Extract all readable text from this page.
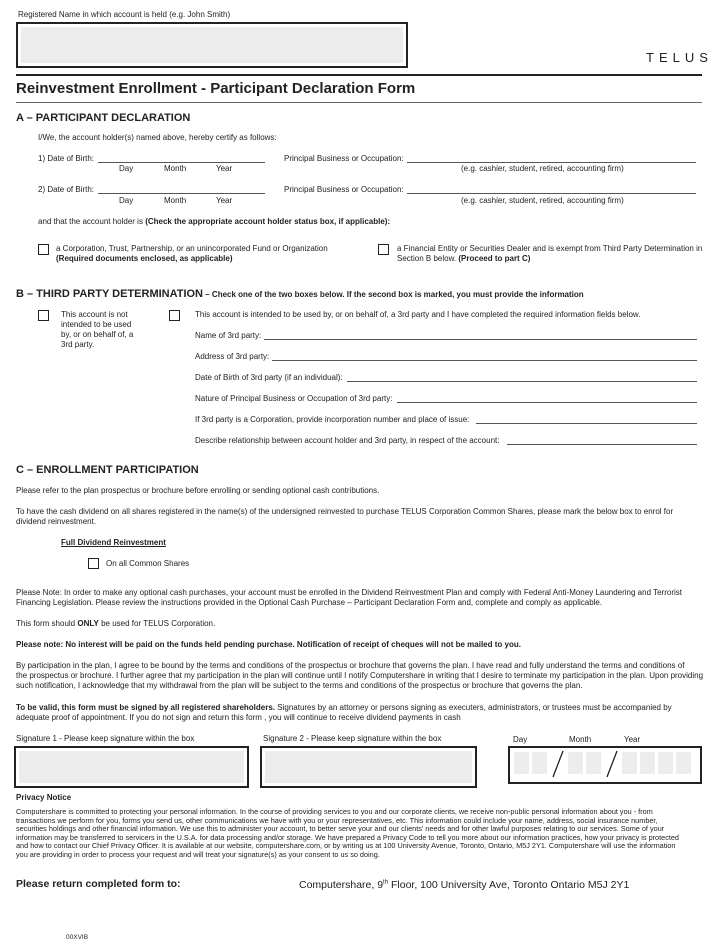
Registered Name in which account is held (e.g. John Smith)
TELUS
Reinvestment Enrollment - Participant Declaration Form
A – PARTICIPANT DECLARATION
I/We, the account holder(s) named above, hereby certify as follows:
1) Date of Birth:
Day	Month	Year
Principal Business or Occupation:
(e.g. cashier, student, retired, accounting firm)
2) Date of Birth:
Day	Month	Year
Principal Business or Occupation:
(e.g. cashier, student, retired, accounting firm)
and that the account holder is (Check the appropriate account holder status box, if applicable):
a Corporation, Trust, Partnership, or an unincorporated Fund or Organization
(Required documents enclosed, as applicable)
a Financial Entity or Securities Dealer and is exempt from Third Party Determination in
Section B below. (Proceed to part C)
B – THIRD PARTY DETERMINATION – Check one of the two boxes below. If the second box is marked, you must provide the information
This account is not
intended to be used
by, or on behalf of, a
3rd party.
This account is intended to be used by, or on behalf of, a 3rd party and I have completed the required information fields below.
Name of 3rd party:
Address of 3rd party:
Date of Birth of 3rd party (if an individual):
Nature of Principal Business or Occupation of 3rd party:
If 3rd party is a Corporation, provide incorporation number and place of issue:
Describe relationship between account holder and 3rd party, in respect of the account:
C – ENROLLMENT PARTICIPATION
Please refer to the plan prospectus or brochure before enrolling or sending optional cash contributions.
To have the cash dividend on all shares registered in the name(s) of the undersigned reinvested to purchase TELUS Corporation Common Shares, please mark the below box to enrol for
dividend reinvestment.
Full Dividend Reinvestment
On all Common Shares
Please Note: In order to make any optional cash purchases, your account must be enrolled in the Dividend Reinvestment Plan and comply with Federal Anti-Money Laundering and Terrorist
Financing Legislation. Please review the instructions provided in the Optional Cash Purchase – Participant Declaration Form and, complete and comply as applicable.
This form should ONLY be used for TELUS Corporation.
Please note: No interest will be paid on the funds held pending purchase. Notification of receipt of cheques will not be mailed to you.
By participation in the plan, I agree to be bound by the terms and conditions of the prospectus or brochure that governs the plan. I have read and fully understand the terms and conditions of
the prospectus or brochure. I further agree that my participation in the plan will continue until I notify Computershare in writing that I desire to terminate my participation in the plan. Upon providing
such notification, I acknowledge that my withdrawal from the plan will be subject to the terms and conditions of the prospectus or brochure that governs the plan.
To be valid, this form must be signed by all registered shareholders. Signatures by an attorney or persons signing as executers, administrators, or trustees must be accompanied by
adequate proof of appointment. If you do not sign and return this form , you will continue to receive dividend payments in cash
Signature 1 - Please keep signature within the box	Signature 2 - Please keep signature within the box	Day	Month	Year
Privacy Notice
Computershare is committed to protecting your personal information. In the course of providing services to you and our corporate clients, we receive non-public personal information about you - from
transactions we perform for you, forms you send us, other communications we have with you or your representatives, etc. This information could include your name, address, social insurance number,
securities holdings and other financial information. We use this to administer your account, to better serve your and our clients' needs and for other lawful purposes relating to our services. Some of your
information may be transferred to servicers in the U.S.A. for data processing and/or storage. We have prepared a Privacy Code to tell you more about our information practices, how your privacy is protected
and how to contact our Chief Privacy Officer. It is available at our website, computershare.com, or by writing us at 100 University Avenue, Toronto, Ontario, M5J 2Y1. Computershare will use the information
you are providing in order to process your request and will treat your signature(s) as your consent to us so doing.
Please return completed form to:	Computershare, 9th Floor, 100 University Ave, Toronto Ontario M5J 2Y1
00XVIB
